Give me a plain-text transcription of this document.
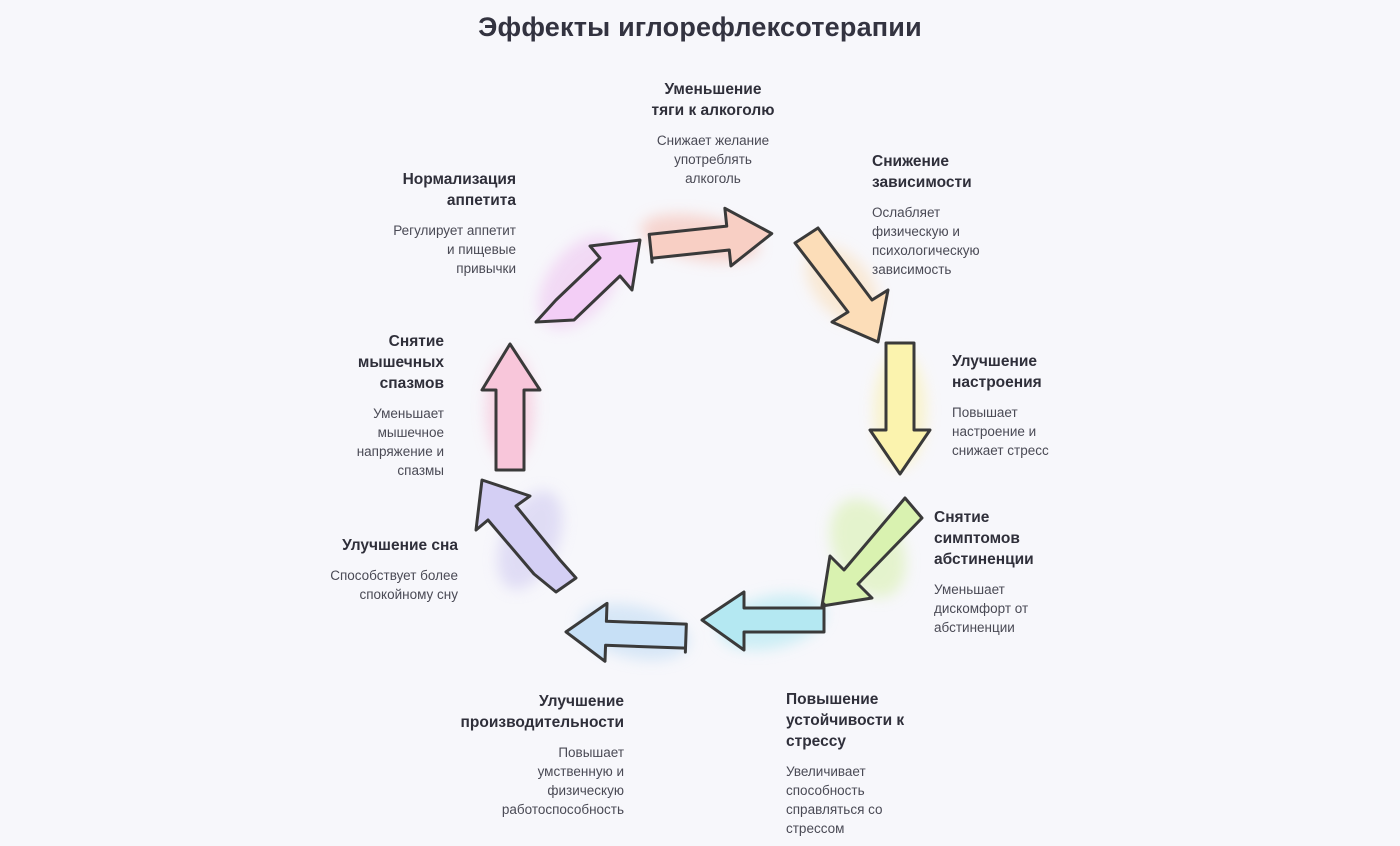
Эффекты иглорефлексотерапии
Уменьшение
тяги к алкоголю
Снижает желание
употреблять
алкоголь
Снижение
зависимости
Ослабляет
физическую и
психологическую
зависимость
Улучшение
настроения
Повышает
настроение и
снижает стресс
Снятие
симптомов
абстиненции
Уменьшает
дискомфорт от
абстиненции
Повышение
устойчивости к
стрессу
Увеличивает
способность
справляться со
стрессом
Улучшение
производительности
Повышает
умственную и
физическую
работоспособность
Улучшение сна
Способствует более
спокойному сну
Снятие
мышечных
спазмов
Уменьшает
мышечное
напряжение и
спазмы
Нормализация
аппетита
Регулирует аппетит
и пищевые
привычки
